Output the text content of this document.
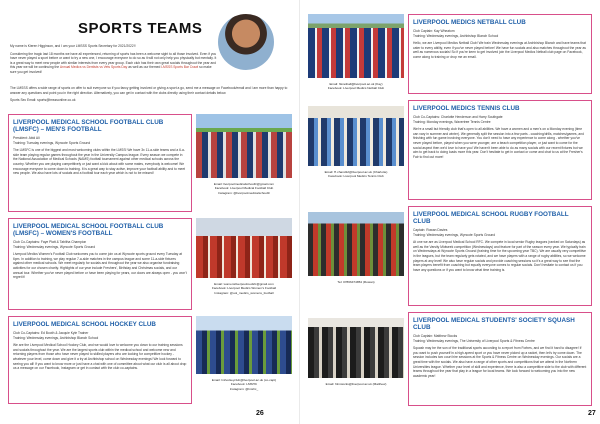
SPORTS TEAMS

My name is Kieren Higginson, and I am your LMSSS Sports Secretary for 2021/2022!!

Considering the tragic last 18 months we have all experienced, returning of sports has been a welcome sight to all those involved. Even if you have never played a sport before or want to try a new one, I encourage everyone to do so as it will not only help you physically but mentally. It is a great way to meet new people with similar interests from every year group. Each club has their own great socials throughout the year and this year we will be continuing the Annual Medics vs Dentists vs Vets Sports Day as well as our themed LMSSS Sports Bar Crawl so make sure you get involved!

The LMSSS offers a wide range of sports on offer to suit everyone so if you fancy getting involved or giving a sport a go, send me a message on Facebook/email and I am more than happy to answer any questions and point you in the right direction. Alternatively, you can get in contact with the clubs directly using their contact details below.

Sports Sec Email: sports@lmsssonline.co.uk

LIVERPOOL MEDICAL SCHOOL FOOTBALL CLUB (LMSFC) – MEN'S FOOTBALL
President: Abid Ali
Training: Tuesday evenings, Wyncote Sports Ground
The LMSFC is one of the biggest and most welcoming clubs within the LMSS! We have 3x 11-a-side teams and a 6-a-side team playing regular games throughout the year in the University Campus league. Every season we compete in the National Association of Medical Schools (NAMS) football tournament against other medical schools across the country. Whether you are playing competitively or just want a kick about with some mates, everybody is welcome! We encourage everyone to come down to training. It is a great way to stay active, improve your football ability and to meet new people. We also have lots of socials and a football tour each year which is not to be missed!
Email: liverpoolmedicalschoolfc@gmail.com
Facebook: Liverpool Medical Football Club
Instagram: @liverpoolmedicalschoolfc
LIVERPOOL MEDICAL SCHOOL FOOTBALL CLUB (LMSFC) – WOMEN'S FOOTBALL
Club Co-Captains: Faye Platt & Tabitha Champion
Training: Wednesday evenings, Wyncote Sports Ground
Liverpool Medics Women's Football Club welcomes you to come join us at Wyncote sports ground every Tuesday at 6pm. In addition to training, we play regular 7-a-side matches in the campus league and some 11-a-side fixtures against other medical schools. We meet regularly for socials and throughout the year we also organise fundraising activities for our chosen charity. Highlights of our year include Freshers', Birthday and Christmas socials, and our annual tour. Whether you've never played before or have been playing for years, our doors are always open - you won't regret it!
Email: womensliverpoolmedsfc@gmail.com
Facebook: Liverpool Medics Women's Football
Instagram: @uol_medics_womens_football
LIVERPOOL MEDICAL SCHOOL HOCKEY CLUB
Club Co-Captains: Ed Booth & Jacquie Kyle Trainer
Training: Wednesday evenings, Archbishop Blanch School
We are the Liverpool Medical School Hockey Club, and we would love to welcome you down to our training sessions and socials throughout the year. We are the largest sports club within the medical school and welcome new and returning players from those who have never played to skilled players who are looking for competitive hockey - whatever your level, come down and give it a try at Archbishop school on Wednesday evenings! We look forward to seeing you all! If you want to know more or just have a chat with one of committee about what our club is all about drop us a message on our Facebook, Instagram or get in contact with the club co-captains.
Email: lmhockeyclub@liverpool.ac.uk (co-capt)
Facebook: LMSHC
Instagram: @lmshc_
26
Email: hknetball@liverpool.ac.uk (Kay)
Facebook: Liverpool Medics Netball Club
LIVERPOOL MEDICS NETBALL CLUB
Club Captain: Kay Wheatom
Training: Wednesday evenings, Archbishop Blanch School
Hello, we are Liverpool Medics Netball Club! We train Wednesday evenings at Archbishop Blanch and have teams that cater to every ability, even if you've never played before! We have fun socials and also matches throughout the year as well as numerous socials! So if you're keen to get involved join the Liverpool Medics Netball club page on Facebook, come along to training or drop me an email.
Email: H.chand12@liverpool.ac.uk (Charlotte)
Facebook: Liverpool Medics Tennis Club
LIVERPOOL MEDICS TENNIS CLUB
Club Co-Captains: Charlotte Henderson and Harry Southgate
Training: Monday evenings, Wavertree Tennis Centre
We're a small but friendly club that's open to all abilities. We have a women and a men's on a Monday evening (time can vary in summer and winter). We generally split the session into a few parts - coaching/drills, matches/games, and finishing with fun game involving everyone. You don't need to have any experience to come along - whether you've never played before, played when you were younger, are a beach competition player, or just want to come for the social aspect then we'd love to have you! We haven't been able to do as many socials with our recent fixtures but we aim to get back to doing loads more this year. Don't hesitate to get in contact or come and chat to us at the Fresher's Fair to find out more!
Tel: 07866474854 (Rowan)
LIVERPOOL MEDICAL SCHOOL RUGBY FOOTBALL CLUB
Captain: Rowan Davies
Training: Wednesday evenings, Wyncote Sports Ground
At one we are as Liverpool Medical School RFC. We compete in local senior Rugby leagues (ranked on Saturdays) as well as the Varsity Midweek competition (Wednesdays) and feature for part of the season every year. We typically train on Wednesdays at Wyncote Sports Ground (training time for the upcoming year TBC). We are usually very competitive in the leagues, but the team regularly gets rotated, and we have players with a range of rugby abilities, so we welcome players at any level! We also have regular socials and provide coaching sessions so it's a great way to see that the team players benefit from coaching but equally everyone comes to regular socials. Don't hesitate to contact us if you have any questions or if you want to know what time training is.
Email: hlmstocks@liverpool.ac.uk (Matthew)
LIVERPOOL MEDICAL STUDENTS' SOCIETY SQUASH CLUB
Club Captain: Matthew Stocks
Training: Wednesday evenings, The University of Liverpool Sports & Fitness Centre
Squash may be the son of the traditional sports according to a report from Forbes, and we find it hard to disagree! If you want to push yourself in a high-speed sport or you have never picked up a racket, then let's try come down. The session includes two court hire sessions at the Sports & Fitness Centre on Wednesday evenings. Our socials are a great time with the socials. We also have a range of other sports and competitions that we attend in the Northern Universities league. Whether your level of skill and experience, there is also a competitive side to the club with different teams throughout the year that play in a league for local teams. We look forward to welcoming you into the new academic year!
27
